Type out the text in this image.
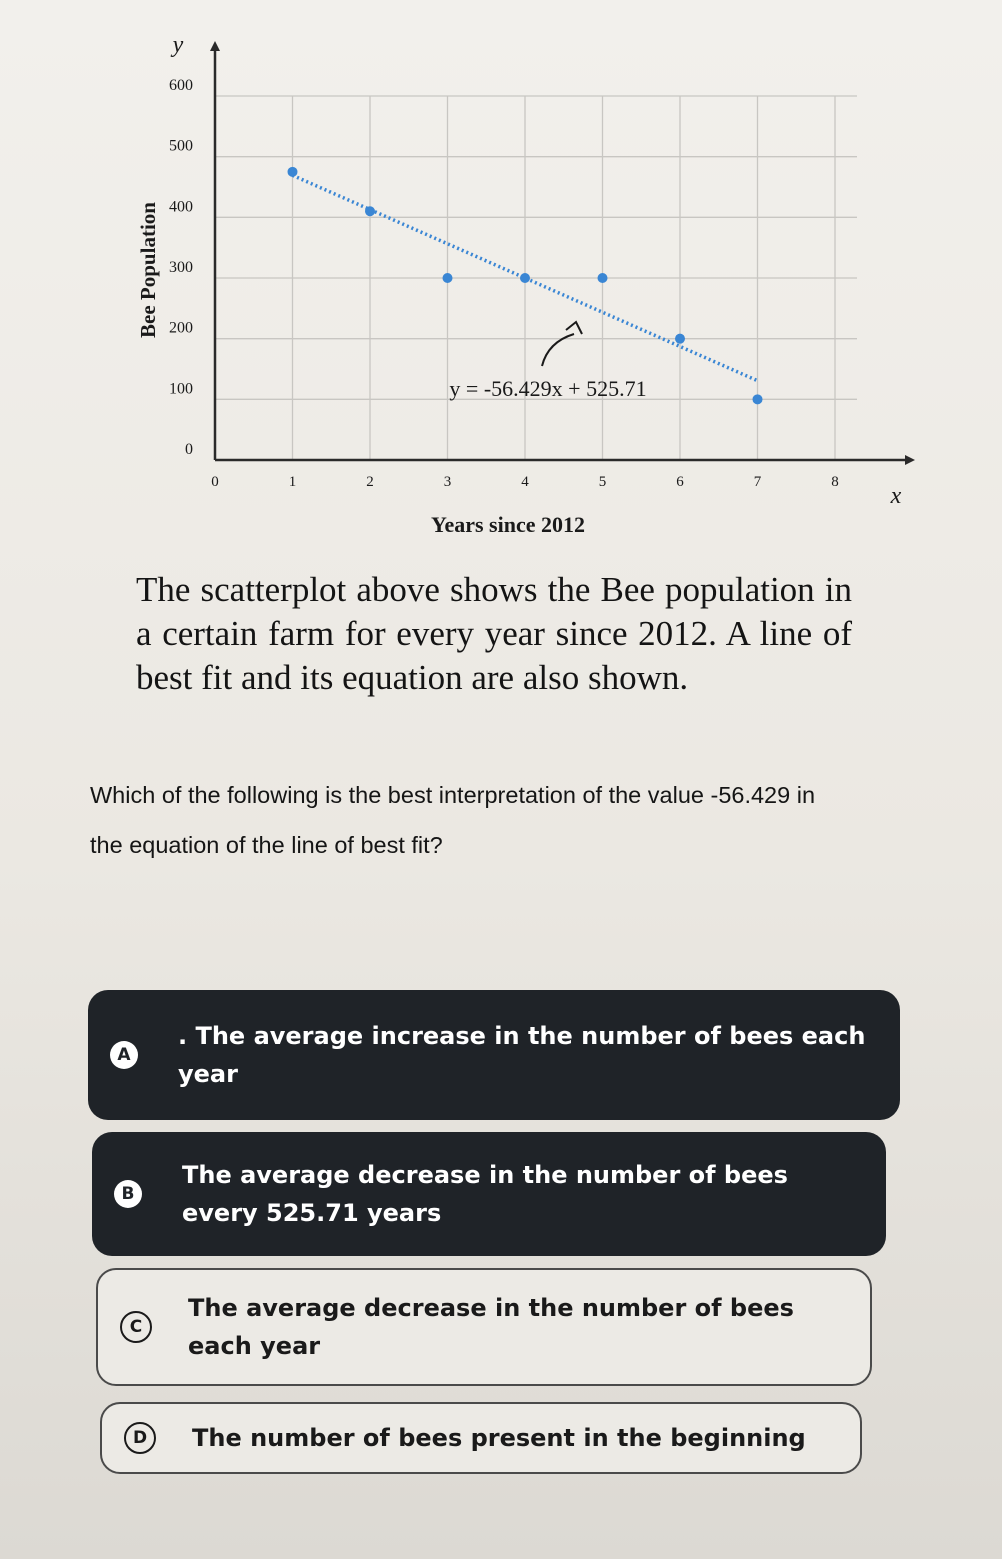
0	1	2	3	4	5	6	7	8
0
100
200
300
400
500
600
y
x
Bee Population
Years since 2012
y = -56.429x + 525.71
The scatterplot above shows the Bee population in a certain farm for every year since 2012. A line of best fit and its equation are also shown.
Which of the following is the best interpretation of the value -56.429 in the equation of the line of best fit?
A
. The average increase in the number of bees each year
B
The average decrease in the number of bees every 525.71 years
C
The average decrease in the number of bees each year
D	The number of bees present in the beginning
